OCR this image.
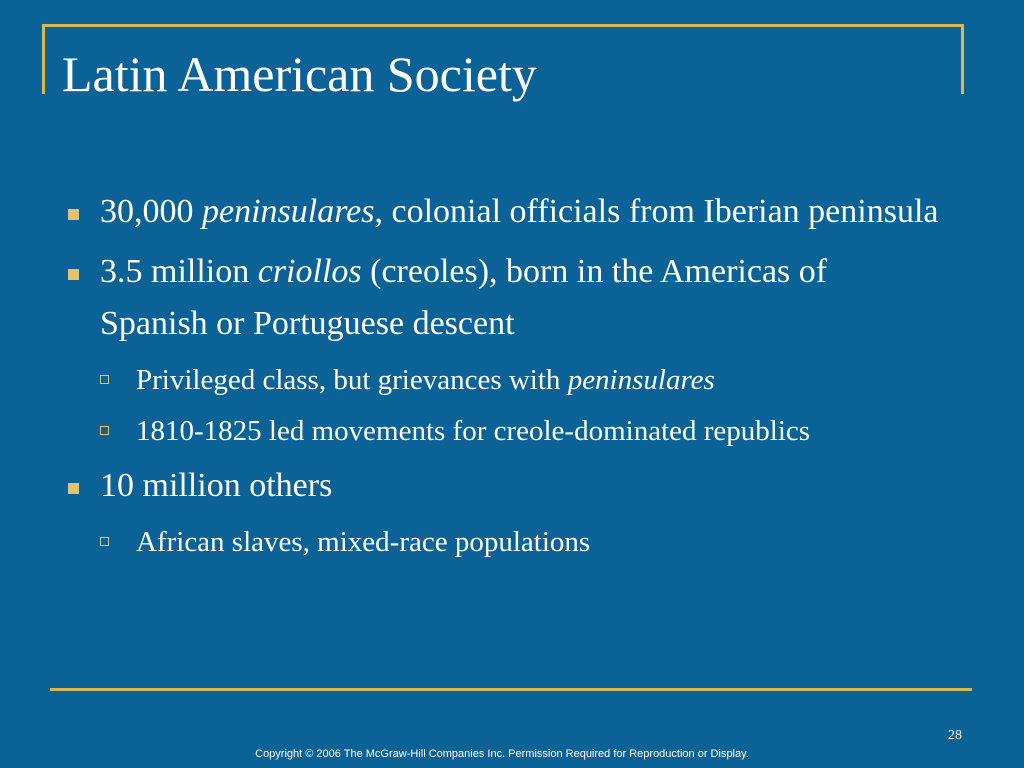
Latin American Society
30,000 peninsulares, colonial officials from Iberian peninsula
3.5 million criollos (creoles), born in the Americas of Spanish or Portuguese descent
Privileged class, but grievances with peninsulares
1810-1825 led movements for creole-dominated republics
10 million others
African slaves, mixed-race populations
28
Copyright © 2006 The McGraw-Hill Companies Inc. Permission Required for Reproduction or Display.
